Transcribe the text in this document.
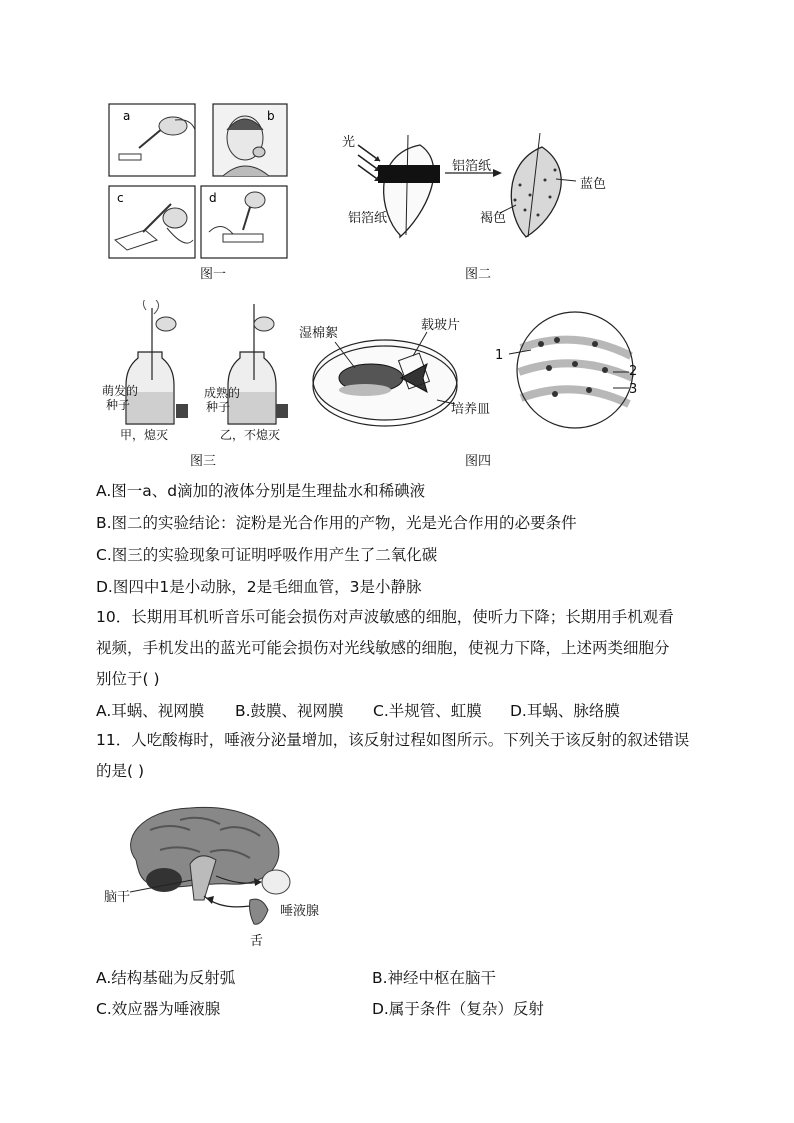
a	b
c	d
图一
光
铝箔纸
铝箔纸
蓝色
褐色
图二
萌发的
种子
成熟的
种子
甲，熄灭	乙，不熄灭
图三
湿棉絮
载玻片
培养皿
1
2
3
图四
A.图一a、d滴加的液体分别是生理盐水和稀碘液
B.图二的实验结论：淀粉是光合作用的产物，光是光合作用的必要条件
C.图三的实验现象可证明呼吸作用产生了二氧化碳
D.图四中1是小动脉，2是毛细血管，3是小静脉
10．长期用耳机听音乐可能会损伤对声波敏感的细胞，使听力下降；长期用手机观看
视频，手机发出的蓝光可能会损伤对光线敏感的细胞，使视力下降，上述两类细胞分
别位于( )
A.耳蜗、视网膜 B.鼓膜、视网膜 C.半规管、虹膜 D.耳蜗、脉络膜
11．人吃酸梅时，唾液分泌量增加，该反射过程如图所示。下列关于该反射的叙述错误
的是( )
脑干
唾液腺
舌
A.结构基础为反射弧	B.神经中枢在脑干
C.效应器为唾液腺	D.属于条件（复杂）反射
